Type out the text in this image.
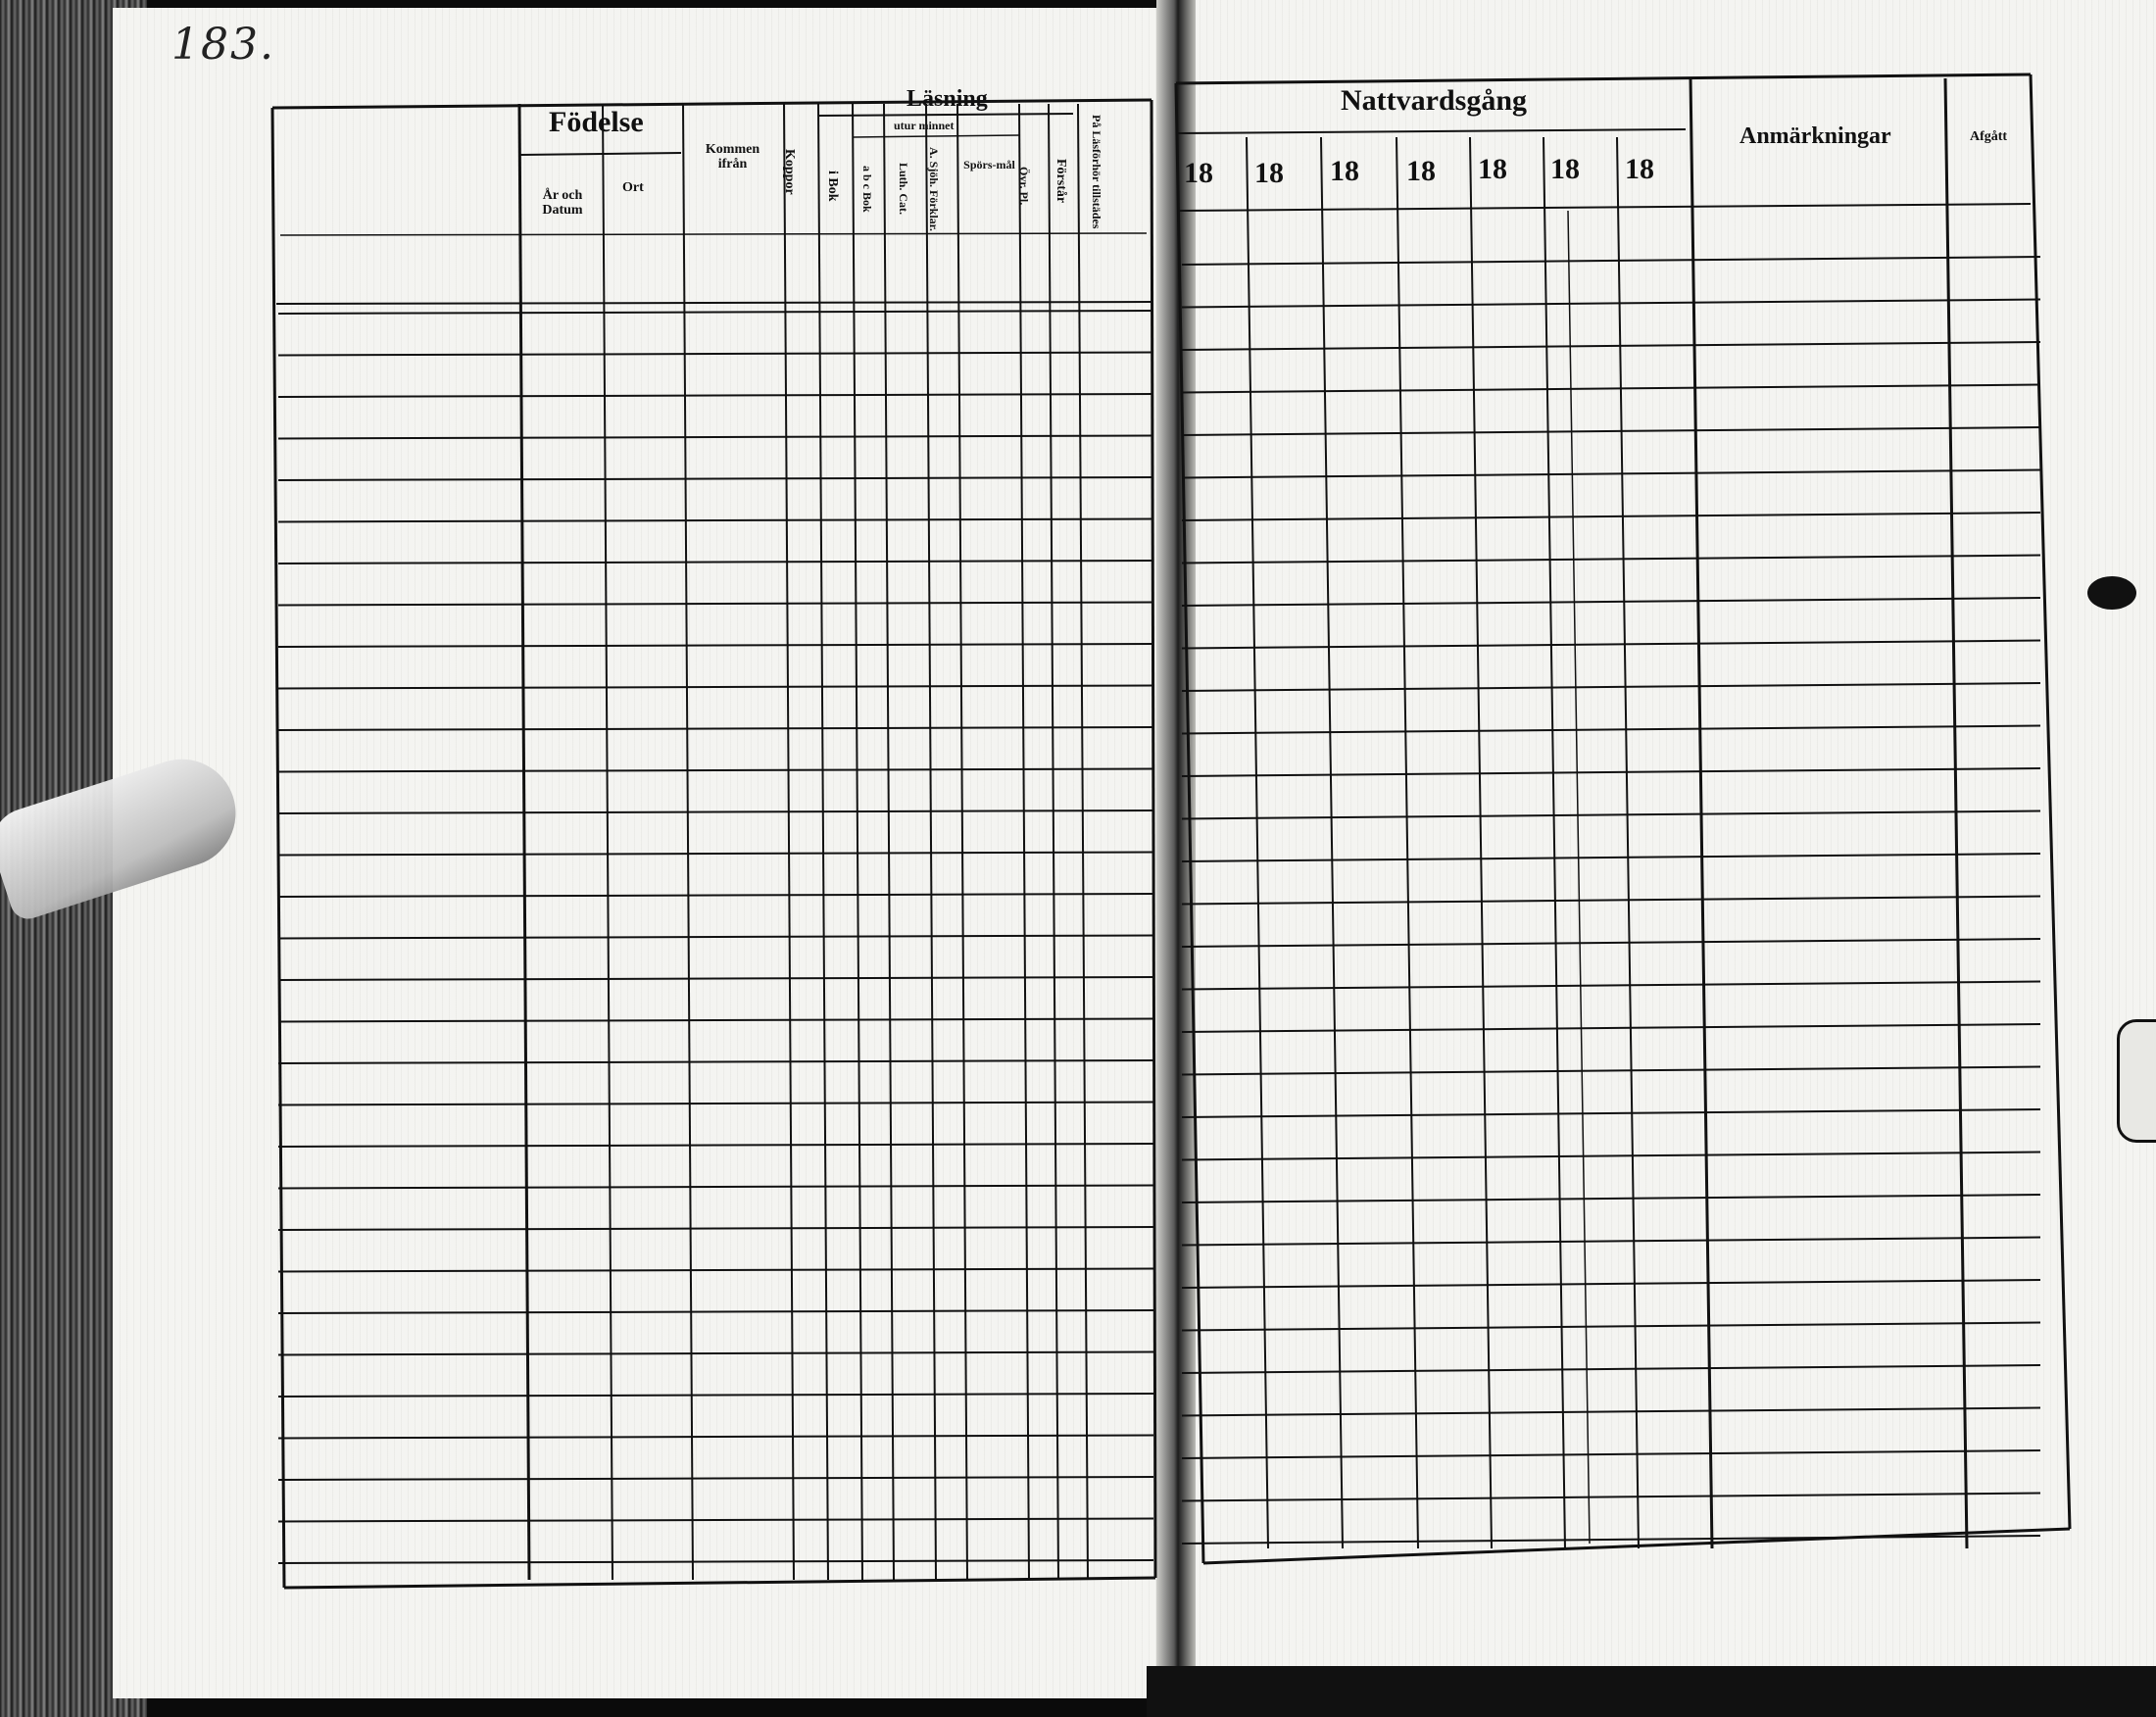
183.
Födelse
År och Datum
Ort
Kommen ifrån	Koppor
Läsning
utur minnet
i Bok a b c Bok Luth. Cat. A. Sjöh. Förklar. Spörs-mål
Övr. Pl. Förstår På Läsförhör tillstädes
Nattvardsgång
18 18 18 18 18 18 18
Anmärkningar	Afgått
